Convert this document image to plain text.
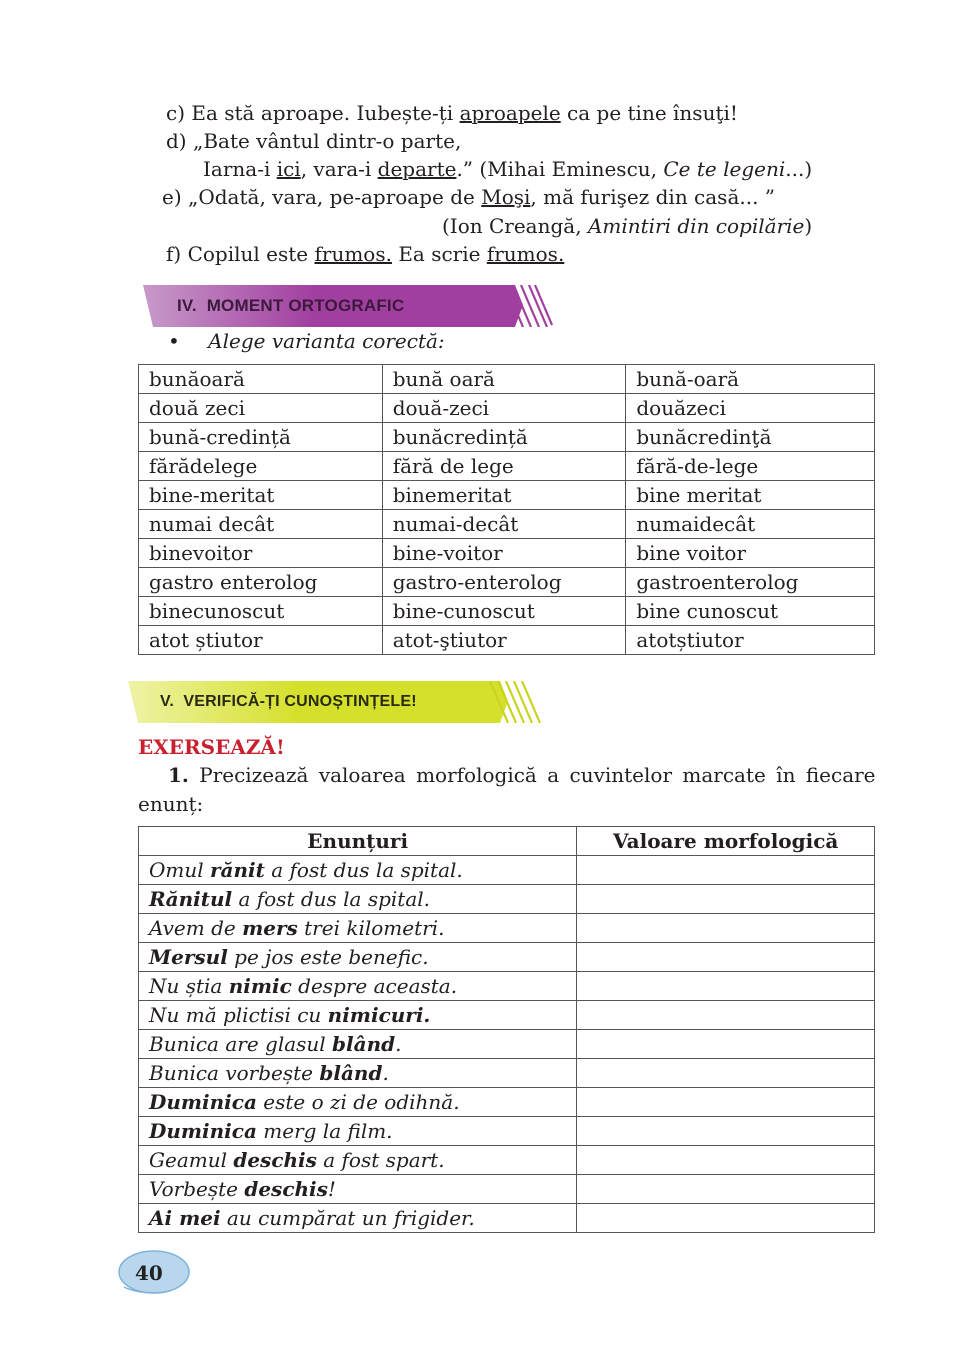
c) Ea stă aproape. Iubește-ți aproapele ca pe tine însuţi!
d) „Bate vântul dintr-o parte,
Iarna-i ici, vara-i departe.” (Mihai Eminescu, Ce te legeni...)
e) „Odată, vara, pe-aproape de Moşi, mă furişez din casă... ”
(Ion Creangă, Amintiri din copilărie)
f) Copilul este frumos. Ea scrie frumos.
IV. MOMENT ORTOGRAFIC
• Alege varianta corectă:
bunăoară	bună oară	bună-oară
două zeci	două-zeci	douăzeci
bună-credință	bunăcredință	bunăcredinţă
fărădelege	fără de lege	fără-de-lege
bine-meritat	binemeritat	bine meritat
numai decât	numai-decât	numaidecât
binevoitor	bine-voitor	bine voitor
gastro enterolog	gastro-enterolog	gastroenterolog
binecunoscut	bine-cunoscut	bine cunoscut
atot știutor	atot-ştiutor	atotștiutor
V. VERIFICĂ-ȚI CUNOȘTINȚELE!
EXERSEAZĂ!
1. Precizează valoarea morfologică a cuvintelor marcate în fiecare
enunț:
Enunțuri	Valoare morfologică
Omul rănit a fost dus la spital.	
Rănitul a fost dus la spital.	
Avem de mers trei kilometri.	
Mersul pe jos este benefic.	
Nu știa nimic despre aceasta.	
Nu mă plictisi cu nimicuri.	
Bunica are glasul blând.	
Bunica vorbește blând.	
Duminica este o zi de odihnă.	
Duminica merg la film.	
Geamul deschis a fost spart.	
Vorbește deschis!	
Ai mei au cumpărat un frigider.	
40
